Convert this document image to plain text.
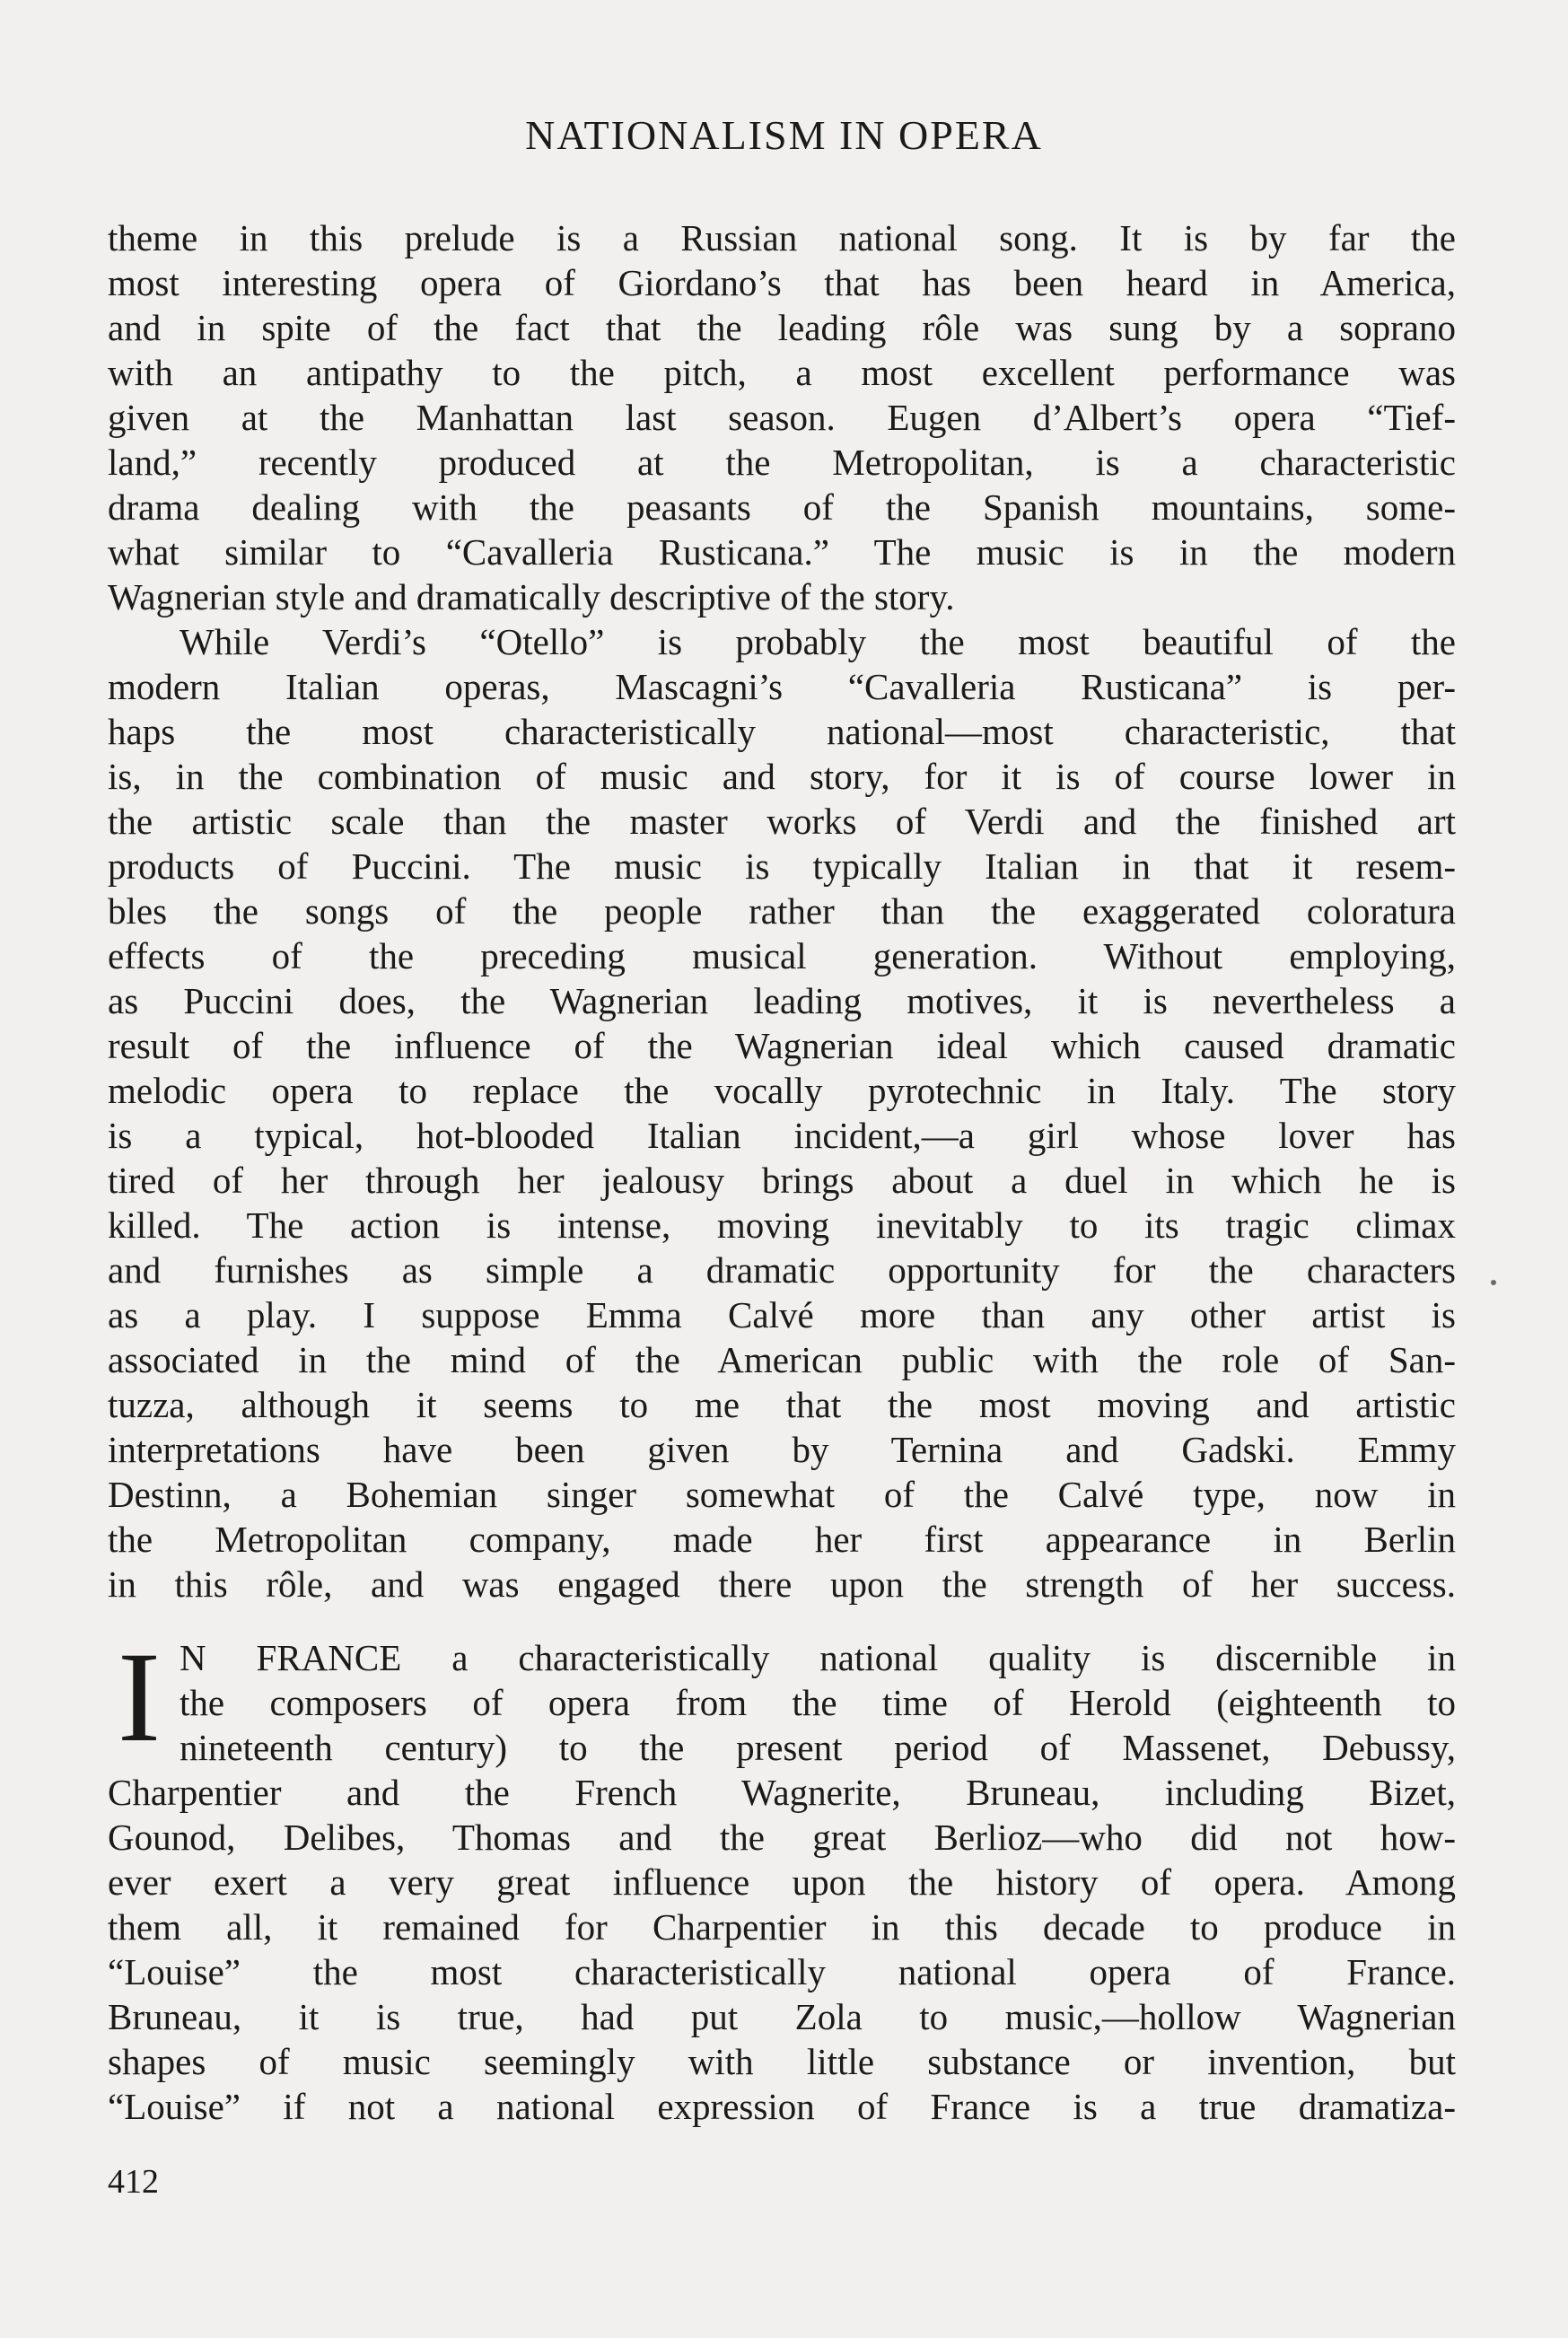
NATIONALISM IN OPERA
theme in this prelude is a Russian national song. It is by far the
most interesting opera of Giordano’s that has been heard in America,
and in spite of the fact that the leading rôle was sung by a soprano
with an antipathy to the pitch, a most excellent performance was
given at the Manhattan last season. Eugen d’Albert’s opera “Tief-
land,” recently produced at the Metropolitan, is a characteristic
drama dealing with the peasants of the Spanish mountains, some-
what similar to “Cavalleria Rusticana.” The music is in the modern
Wagnerian style and dramatically descriptive of the story.
While Verdi’s “Otello” is probably the most beautiful of the
modern Italian operas, Mascagni’s “Cavalleria Rusticana” is per-
haps the most characteristically national—most characteristic, that
is, in the combination of music and story, for it is of course lower in
the artistic scale than the master works of Verdi and the finished art
products of Puccini. The music is typically Italian in that it resem-
bles the songs of the people rather than the exaggerated coloratura
effects of the preceding musical generation. Without employing,
as Puccini does, the Wagnerian leading motives, it is nevertheless a
result of the influence of the Wagnerian ideal which caused dramatic
melodic opera to replace the vocally pyrotechnic in Italy. The story
is a typical, hot-blooded Italian incident,—a girl whose lover has
tired of her through her jealousy brings about a duel in which he is
killed. The action is intense, moving inevitably to its tragic climax
and furnishes as simple a dramatic opportunity for the characters
as a play. I suppose Emma Calvé more than any other artist is
associated in the mind of the American public with the role of San-
tuzza, although it seems to me that the most moving and artistic
interpretations have been given by Ternina and Gadski. Emmy
Destinn, a Bohemian singer somewhat of the Calvé type, now in
the Metropolitan company, made her first appearance in Berlin
in this rôle, and was engaged there upon the strength of her success.
I N FRANCE a characteristically national quality is discernible in
the composers of opera from the time of Herold (eighteenth to
nineteenth century) to the present period of Massenet, Debussy,
Charpentier and the French Wagnerite, Bruneau, including Bizet,
Gounod, Delibes, Thomas and the great Berlioz—who did not how-
ever exert a very great influence upon the history of opera. Among
them all, it remained for Charpentier in this decade to produce in
“Louise” the most characteristically national opera of France.
Bruneau, it is true, had put Zola to music,—hollow Wagnerian
shapes of music seemingly with little substance or invention, but
“Louise” if not a national expression of France is a true dramatiza-

412
